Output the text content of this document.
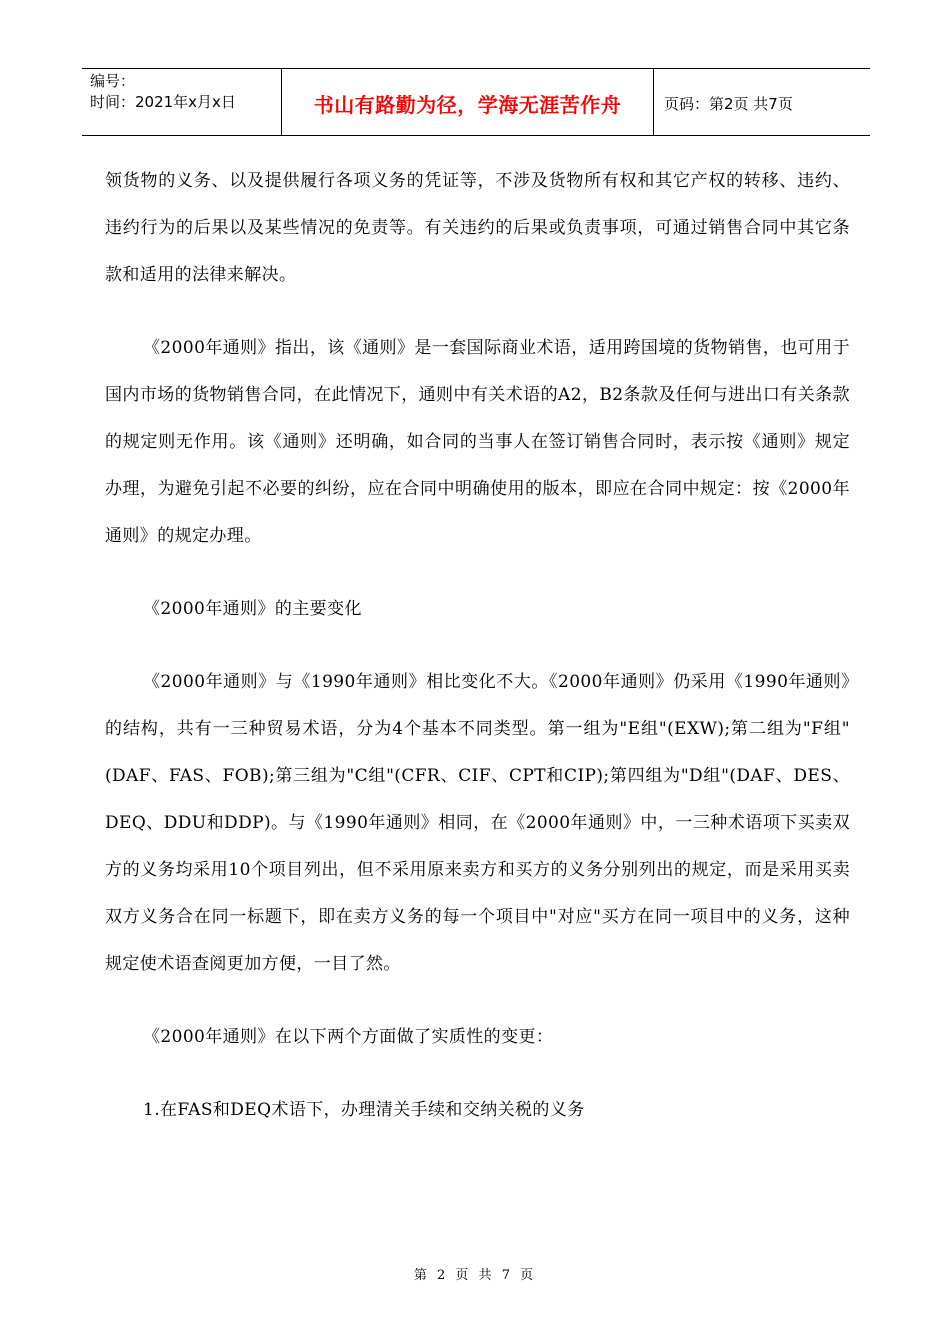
编号：
时间：2021年x月x日	书山有路勤为径，学海无涯苦作舟	页码：第2页 共7页

领货物的义务、以及提供履行各项义务的凭证等，不涉及货物所有权和其它产权的转移、违约、违约行为的后果以及某些情况的免责等。有关违约的后果或负责事项，可通过销售合同中其它条款和适用的法律来解决。

《2000年通则》指出，该《通则》是一套国际商业术语，适用跨国境的货物销售，也可用于国内市场的货物销售合同，在此情况下，通则中有关术语的A2，B2条款及任何与进出口有关条款的规定则无作用。该《通则》还明确，如合同的当事人在签订销售合同时，表示按《通则》规定办理，为避免引起不必要的纠纷，应在合同中明确使用的版本，即应在合同中规定：按《2000年通则》的规定办理。

《2000年通则》的主要变化

《2000年通则》与《1990年通则》相比变化不大。《2000年通则》仍采用《1990年通则》的结构，共有一三种贸易术语，分为4个基本不同类型。第一组为"E组"(EXW);第二组为"F组"(DAF、FAS、FOB);第三组为"C组"(CFR、CIF、CPT和CIP);第四组为"D组"(DAF、DES、DEQ、DDU和DDP)。与《1990年通则》相同，在《2000年通则》中，一三种术语项下买卖双方的义务均采用10个项目列出，但不采用原来卖方和买方的义务分别列出的规定，而是采用买卖双方义务合在同一标题下，即在卖方义务的每一个项目中"对应"买方在同一项目中的义务，这种规定使术语查阅更加方便，一目了然。

《2000年通则》在以下两个方面做了实质性的变更：

1.在FAS和DEQ术语下，办理清关手续和交纳关税的义务

第 2 页 共 7 页
